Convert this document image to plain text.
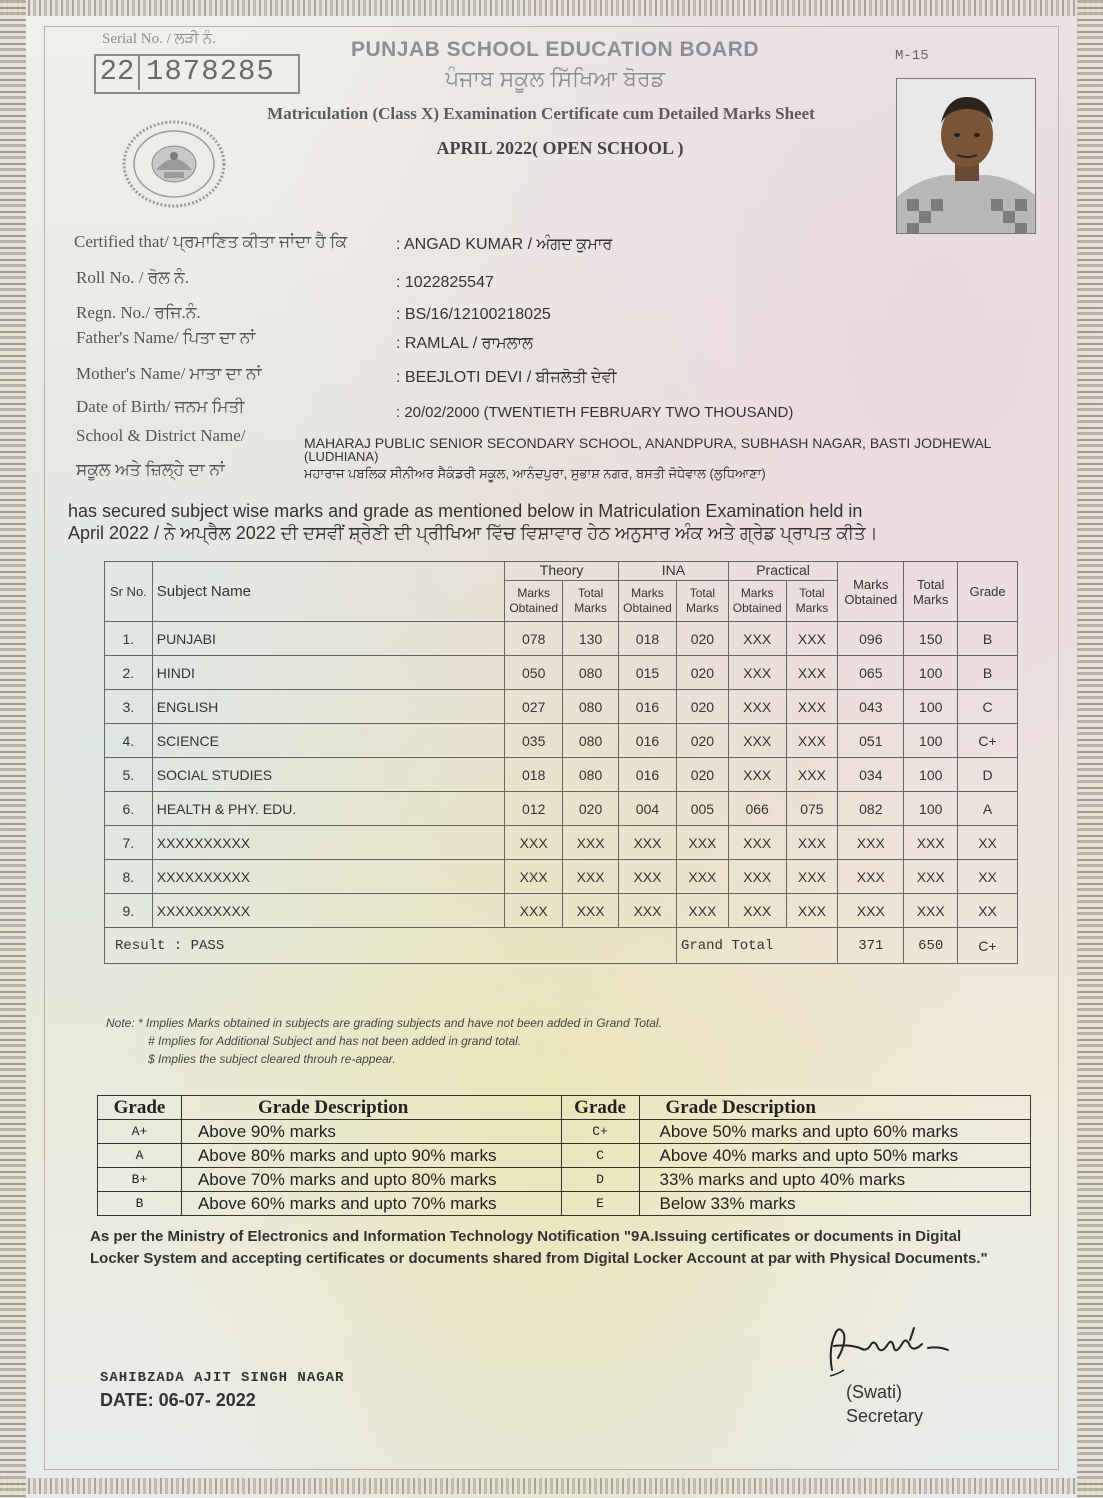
Serial No. / ਲੜੀ ਨੰ.
22 1878285
PUNJAB SCHOOL EDUCATION BOARD
ਪੰਜਾਬ ਸਕੂਲ ਸਿੱਖਿਆ ਬੋਰਡ
M-15
Matriculation (Class X) Examination Certificate cum Detailed Marks Sheet
APRIL 2022( OPEN SCHOOL )
Certified that/ ਪ੍ਰਮਾਣਿਤ ਕੀਤਾ ਜਾਂਦਾ ਹੈ ਕਿ	: ANGAD KUMAR / ਅੰਗਦ ਕੁਮਾਰ
Roll No. / ਰੋਲ ਨੰ.	: 1022825547
Regn. No./ ਰਜਿ.ਨੰ.	: BS/16/12100218025
Father's Name/ ਪਿਤਾ ਦਾ ਨਾਂ	: RAMLAL / ਰਾਮਲਾਲ
Mother's Name/ ਮਾਤਾ ਦਾ ਨਾਂ	: BEEJLOTI DEVI / ਬੀਜਲੋਤੀ ਦੇਵੀ
Date of Birth/ ਜਨਮ ਮਿਤੀ	: 20/02/2000 (TWENTIETH FEBRUARY TWO THOUSAND)
School & District Name/	MAHARAJ PUBLIC SENIOR SECONDARY SCHOOL, ANANDPURA, SUBHASH NAGAR, BASTI JODHEWAL
(LUDHIANA)
ਸਕੂਲ ਅਤੇ ਜ਼ਿਲ੍ਹੇ ਦਾ ਨਾਂ	ਮਹਾਰਾਜ ਪਬਲਿਕ ਸੀਨੀਅਰ ਸੈਕੰਡਰੀ ਸਕੂਲ, ਆਨੰਦਪੁਰਾ, ਸੁਭਾਸ਼ ਨਗਰ, ਬਸਤੀ ਜੋਧੇਵਾਲ (ਲੁਧਿਆਣਾ)
has secured subject wise marks and grade as mentioned below in Matriculation Examination held in
April 2022 / ਨੇ ਅਪ੍ਰੈਲ 2022 ਦੀ ਦਸਵੀਂ ਸ਼੍ਰੇਣੀ ਦੀ ਪ੍ਰੀਖਿਆ ਵਿੱਚ ਵਿਸ਼ਾਵਾਰ ਹੇਠ ਅਨੁਸਾਰ ਅੰਕ ਅਤੇ ਗ੍ਰੇਡ ਪ੍ਰਾਪਤ ਕੀਤੇ।
Sr No.	Subject Name	Theory		INA		Practical		Marks Obtained	Total Marks	Grade
		Marks Obtained	Total Marks	Marks Obtained	Total Marks	Marks Obtained	Total Marks			
1.	PUNJABI	078	130	018	020	XXX	XXX	096	150	B
2.	HINDI	050	080	015	020	XXX	XXX	065	100	B
3.	ENGLISH	027	080	016	020	XXX	XXX	043	100	C
4.	SCIENCE	035	080	016	020	XXX	XXX	051	100	C+
5.	SOCIAL STUDIES	018	080	016	020	XXX	XXX	034	100	D
6.	HEALTH & PHY. EDU.	012	020	004	005	066	075	082	100	A
7.	XXXXXXXXXX	XXX	XXX	XXX	XXX	XXX	XXX	XXX	XXX	XX
8.	XXXXXXXXXX	XXX	XXX	XXX	XXX	XXX	XXX	XXX	XXX	XX
9.	XXXXXXXXXX	XXX	XXX	XXX	XXX	XXX	XXX	XXX	XXX	XX
Result : PASS					Grand Total			371	650	C+
Note: * Implies Marks obtained in subjects are grading subjects and have not been added in Grand Total.
# Implies for Additional Subject and has not been added in grand total.
$ Implies the subject cleared throuh re-appear.
Grade	Grade Description	Grade	Grade Description
A+	Above 90% marks	C+	Above 50% marks and upto 60% marks
A	Above 80% marks and upto 90% marks	C	Above 40% marks and upto 50% marks
B+	Above 70% marks and upto 80% marks	D	33% marks and upto 40% marks
B	Above 60% marks and upto 70% marks	E	Below 33% marks
As per the Ministry of Electronics and Information Technology Notification "9A.Issuing certificates or documents in Digital
Locker System and accepting certificates or documents shared from Digital Locker Account at par with Physical Documents."
SAHIBZADA AJIT SINGH NAGAR
DATE: 06-07- 2022	(Swati)
Secretary
